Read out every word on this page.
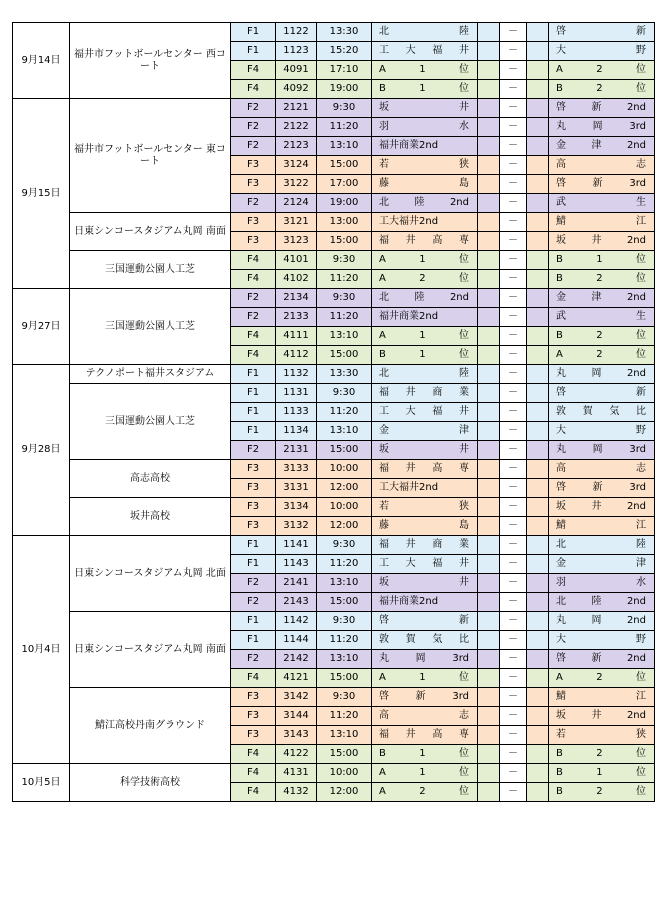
9月14日	福井市フットボールセンター 西コート	F1	1122	13:30	北 陸		－		啓 新

		F1	1123	15:20	工 大 福 井		－		大 野

		F4	4091	17:10	A 1 位		－		A 2 位

		F4	4092	19:00	B 1 位		－		B 2 位

9月15日	福井市フットボールセンター 東コート	F2	2121	9:30	坂 井		－		啓 新 2nd

		F2	2122	11:20	羽 水		－		丸 岡 3rd

		F2	2123	13:10	福井商業2nd		－		金 津 2nd

		F3	3124	15:00	若 狭		－		高 志

		F3	3122	17:00	藤 島		－		啓 新 3rd

		F2	2124	19:00	北 陸 2nd		－		武 生

	日東シンコースタジアム丸岡 南面	F3	3121	13:00	工大福井2nd		－		鯖 江

		F3	3123	15:00	福 井 高 専		－		坂 井 2nd

	三国運動公園人工芝	F4	4101	9:30	A 1 位		－		B 1 位

		F4	4102	11:20	A 2 位		－		B 2 位

9月27日	三国運動公園人工芝	F2	2134	9:30	北 陸 2nd		－		金 津 2nd

		F2	2133	11:20	福井商業2nd		－		武 生

		F4	4111	13:10	A 1 位		－		B 2 位

		F4	4112	15:00	B 1 位		－		A 2 位

9月28日	テクノポート福井スタジアム	F1	1132	13:30	北 陸		－		丸 岡 2nd

	三国運動公園人工芝	F1	1131	9:30	福 井 商 業		－		啓 新

		F1	1133	11:20	工 大 福 井		－		敦 賀 気 比

		F1	1134	13:10	金 津		－		大 野

		F2	2131	15:00	坂 井		－		丸 岡 3rd

	高志高校	F3	3133	10:00	福 井 高 専		－		高 志

		F3	3131	12:00	工大福井2nd		－		啓 新 3rd

	坂井高校	F3	3134	10:00	若 狭		－		坂 井 2nd

		F3	3132	12:00	藤 島		－		鯖 江

10月4日	日東シンコースタジアム丸岡 北面	F1	1141	9:30	福 井 商 業		－		北 陸

		F1	1143	11:20	工 大 福 井		－		金 津

		F2	2141	13:10	坂 井		－		羽 水

		F2	2143	15:00	福井商業2nd		－		北 陸 2nd

	日東シンコースタジアム丸岡 南面	F1	1142	9:30	啓 新		－		丸 岡 2nd

		F1	1144	11:20	敦 賀 気 比		－		大 野

		F2	2142	13:10	丸 岡 3rd		－		啓 新 2nd

		F4	4121	15:00	A 1 位		－		A 2 位

	鯖江高校丹南グラウンド	F3	3142	9:30	啓 新 3rd		－		鯖 江

		F3	3144	11:20	高 志		－		坂 井 2nd

		F3	3143	13:10	福 井 高 専		－		若 狭

		F4	4122	15:00	B 1 位		－		B 2 位

10月5日	科学技術高校	F4	4131	10:00	A 1 位		－		B 1 位

		F4	4132	12:00	A 2 位		－		B 2 位
